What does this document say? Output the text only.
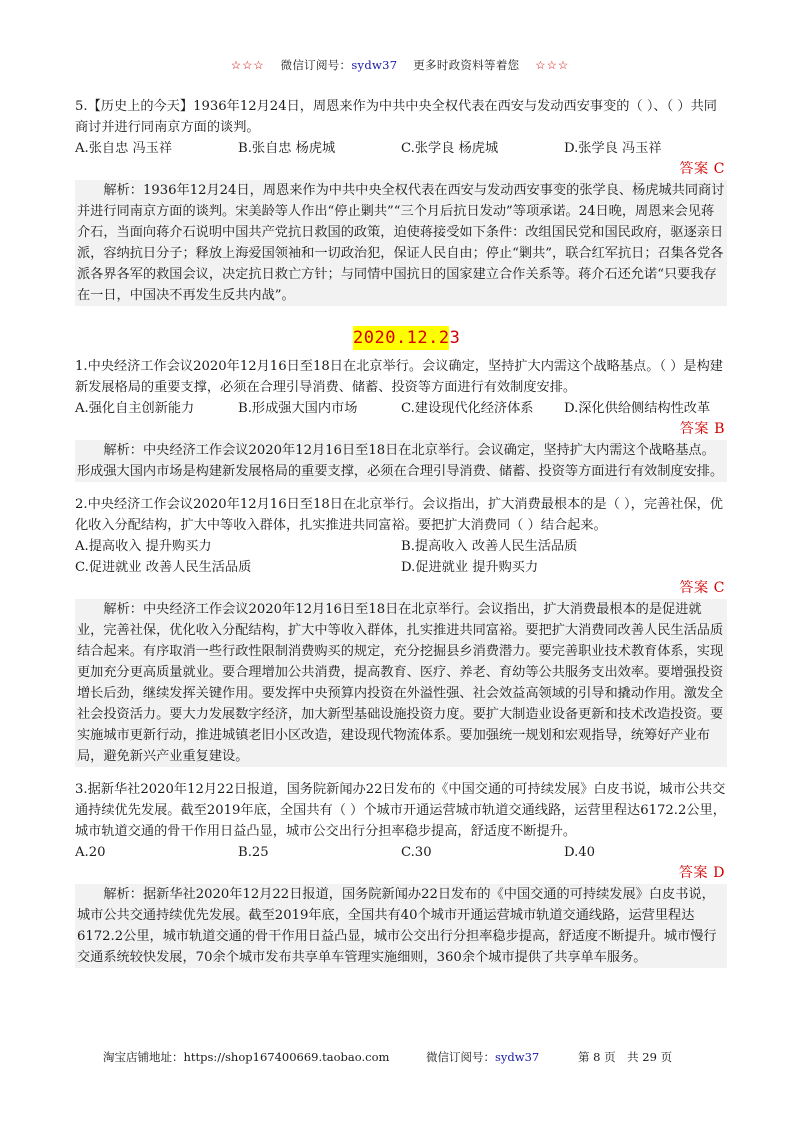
☆☆☆ 微信订阅号：sydw37 更多时政资料等着您 ☆☆☆
5.【历史上的今天】1936年12月24日，周恩来作为中共中央全权代表在西安与发动西安事变的（ ）、（ ）共同商讨并进行同南京方面的谈判。
A.张自忠 冯玉祥	B.张自忠 杨虎城	C.张学良 杨虎城	D.张学良 冯玉祥
答案 C
解析：1936年12月24日，周恩来作为中共中央全权代表在西安与发动西安事变的张学良、杨虎城共同商讨并进行同南京方面的谈判。宋美龄等人作出“停止剿共”“三个月后抗日发动”等项承诺。24日晚，周恩来会见蒋介石，当面向蒋介石说明中国共产党抗日救国的政策，迫使蒋接受如下条件：改组国民党和国民政府，驱逐亲日派，容纳抗日分子；释放上海爱国领袖和一切政治犯，保证人民自由；停止“剿共”，联合红军抗日；召集各党各派各界各军的救国会议，决定抗日救亡方针；与同情中国抗日的国家建立合作关系等。蒋介石还允诺“只要我存在一日，中国决不再发生反共内战”。
2020.12.23
1.中央经济工作会议2020年12月16日至18日在北京举行。会议确定，坚持扩大内需这个战略基点。（ ）是构建新发展格局的重要支撑，必须在合理引导消费、储蓄、投资等方面进行有效制度安排。
A.强化自主创新能力	B.形成强大国内市场	C.建设现代化经济体系	D.深化供给侧结构性改革
答案 B
解析：中央经济工作会议2020年12月16日至18日在北京举行。会议确定，坚持扩大内需这个战略基点。形成强大国内市场是构建新发展格局的重要支撑，必须在合理引导消费、储蓄、投资等方面进行有效制度安排。
2.中央经济工作会议2020年12月16日至18日在北京举行。会议指出，扩大消费最根本的是（ ），完善社保，优化收入分配结构，扩大中等收入群体，扎实推进共同富裕。要把扩大消费同（ ）结合起来。
A.提高收入 提升购买力	B.提高收入 改善人民生活品质
C.促进就业 改善人民生活品质	D.促进就业 提升购买力
答案 C
解析：中央经济工作会议2020年12月16日至18日在北京举行。会议指出，扩大消费最根本的是促进就业，完善社保，优化收入分配结构，扩大中等收入群体，扎实推进共同富裕。要把扩大消费同改善人民生活品质结合起来。有序取消一些行政性限制消费购买的规定，充分挖掘县乡消费潜力。要完善职业技术教育体系，实现更加充分更高质量就业。要合理增加公共消费，提高教育、医疗、养老、育幼等公共服务支出效率。要增强投资增长后劲，继续发挥关键作用。要发挥中央预算内投资在外溢性强、社会效益高领域的引导和撬动作用。激发全社会投资活力。要大力发展数字经济，加大新型基础设施投资力度。要扩大制造业设备更新和技术改造投资。要实施城市更新行动，推进城镇老旧小区改造，建设现代物流体系。要加强统一规划和宏观指导，统筹好产业布局，避免新兴产业重复建设。
3.据新华社2020年12月22日报道，国务院新闻办22日发布的《中国交通的可持续发展》白皮书说，城市公共交通持续优先发展。截至2019年底，全国共有（ ）个城市开通运营城市轨道交通线路，运营里程达6172.2公里，城市轨道交通的骨干作用日益凸显，城市公交出行分担率稳步提高，舒适度不断提升。
A.20	B.25	C.30	D.40
答案 D
解析：据新华社2020年12月22日报道，国务院新闻办22日发布的《中国交通的可持续发展》白皮书说，城市公共交通持续优先发展。截至2019年底，全国共有40个城市开通运营城市轨道交通线路，运营里程达6172.2公里，城市轨道交通的骨干作用日益凸显，城市公交出行分担率稳步提高，舒适度不断提升。城市慢行交通系统较快发展，70余个城市发布共享单车管理实施细则，360余个城市提供了共享单车服务。
淘宝店铺地址：https://shop167400669.taobao.com	微信订阅号：sydw37	第 8 页　共 29 页
